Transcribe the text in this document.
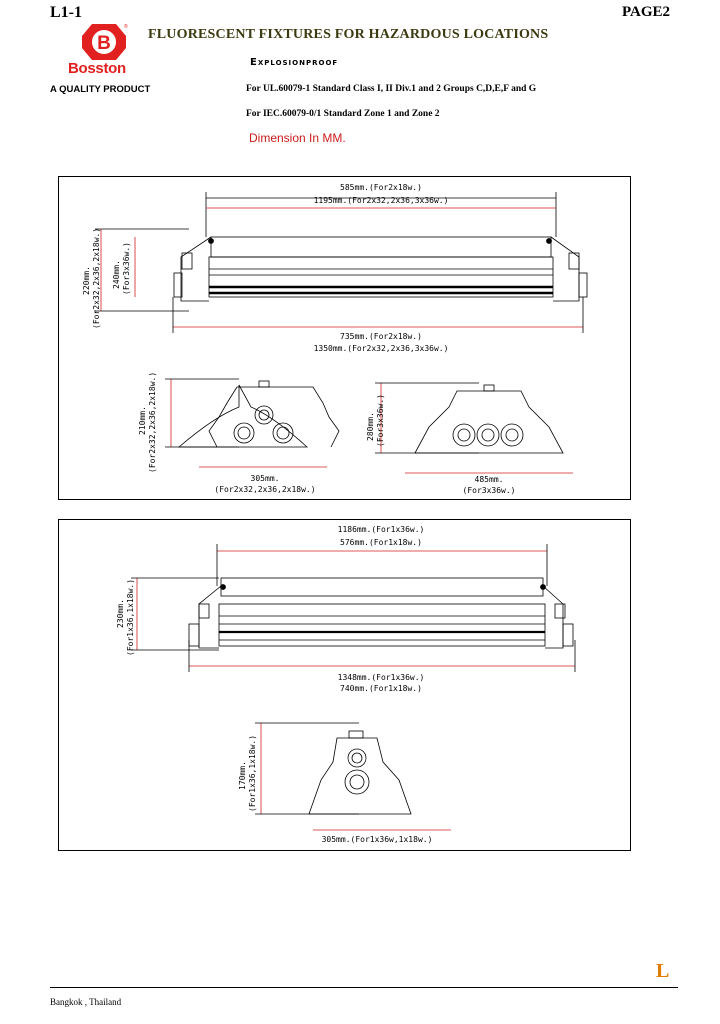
L1-1	PAGE2
B
®
Bosston
A QUALITY PRODUCT
FLUORESCENT FIXTURES FOR HAZARDOUS LOCATIONS
Explosionproof
For UL.60079-1 Standard Class I, II Div.1 and 2 Groups C,D,E,F and G
For IEC.60079-0/1 Standard Zone 1 and Zone 2
Dimension In MM.
585mm.(For2x18w.)
1195mm.(For2x32,2x36,3x36w.)
735mm.(For2x18w.)
1350mm.(For2x32,2x36,3x36w.)
220mm. (For2x32,2x36,2x18w.) 240mm. (For3x36w.)
210mm. (For2x32,2x36,2x18w.)
305mm.
(For2x32,2x36,2x18w.)
280mm. (For3x36w.)
485mm.
(For3x36w.)
1186mm.(For1x36w.)
576mm.(For1x18w.)
1348mm.(For1x36w.)
740mm.(For1x18w.)
230mm. (For1x36,1x18w.)
170mm. (For1x36,1x18w.)
305mm.(For1x36w,1x18w.)
L
Bangkok , Thailand
